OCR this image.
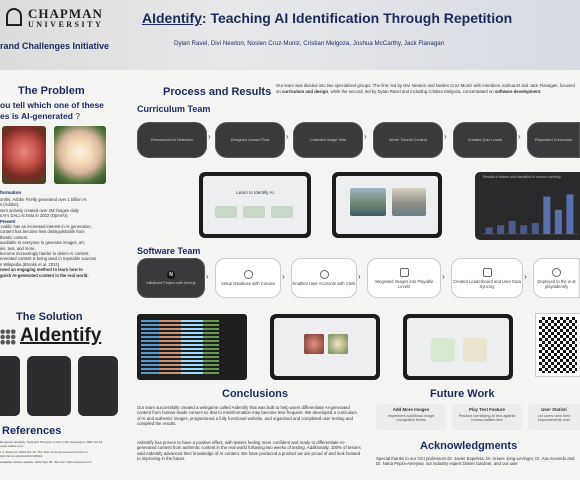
CHAPMAN
UNIVERSITY
rand Challenges Initiative
AIdentify: Teaching AI Identification Through Repetition
Dylan Ravel, Divi Newton, Noslen Cruz-Muniz, Cristian Melgoza, Joshua McCarthy, Jack Flanagan
The Problem
ou tell which one of these
es is AI-generated ?
formation
onths, Adobe Firefly generated over 1 billion AI
s (Adobe).
sers actively created over 2M images daily
nAI's DALL-E beta in 2022 (OpenAI).
Present
-public has an increased interest in AI generation,
content has become less distinguishable from
thentic content.
available to everyone to generate images, art,
ies, text, and more.
become increasingly harder to detect AI content.
enerated content is being used in reputable sources
s Wikipedia (Brooks et al. 2024).
need an engaging method to learn how to
guish AI-generated content in the real world.
The Solution
AIdentify
References
Requests Globally, Supports Prompts in Over 100 Languages, 2023 Jul 12.
news.adobe.com
s J, Rosen P. 2024 Oct 10. The Rise of AI-Generated Content in
ttps://arxiv.org/abs/2410.08044.
available without waitlist. 2022 Sep 28. OpenAI. https://openai.com
Process and Results
Our team was divided into two specialized groups. The first, led by Divi Newton and Noslen Cruz-Muniz with members Joshua M and Jack Flanagan, focused on curriculum and design, while the second, led by Dylan Ravel and including Cristian Melgoza, concentrated on software development.
Curriculum Team
Researched AI Detection	›	Designed Lesson Flow	›	Collected Image Sets	›	Wrote Tutorial Content	›	Created Quiz Levels	›	Playtested Curriculum
Learn to Identify AI
Results of testers who identified AI content correctly
Software Team
N
Initialized Project with Next.js
›
Setup Database with Convex
›
Enabled User Accounts with Clerk
›	Integrated Images into Playable Levels
› Created Leaderboard and User Data Syncing
›	Deployed to the w at playaidentify
Conclusions
Our team successfully created a webgame called AIdentify that was built to help users differentiate AI-generated content from human-made content so that AI misinformation may become less frequent. We developed a curriculum of AI and authentic images, programmed a fully functional website, and organized and completed user testing and compiled the results.
AIdentify has proven to have a positive effect, with testers feeling more confident and ready to differentiate AI-generated content from authentic content in the real world following two weeks of testing. Additionally, 100% of testers said AIdentify advanced their knowledge of AI content. We have produced a product we are proud of and look forward to improving in the future.
Future Work
Add More Images
Implement additional image recognition levels
Play Test Feature
Practice identifying AI text against human-written text
User Statisti
Let users view their improvements over
Acknowledgments
Special thanks to our GCI professors Dr. Javier Espeleta, Dr. Ariane Jong-Levinger, Dr. Ara Acevedo and Dr. Nana Pepra-Ameyaw, our industry expert Daniel Gardner, and our user
